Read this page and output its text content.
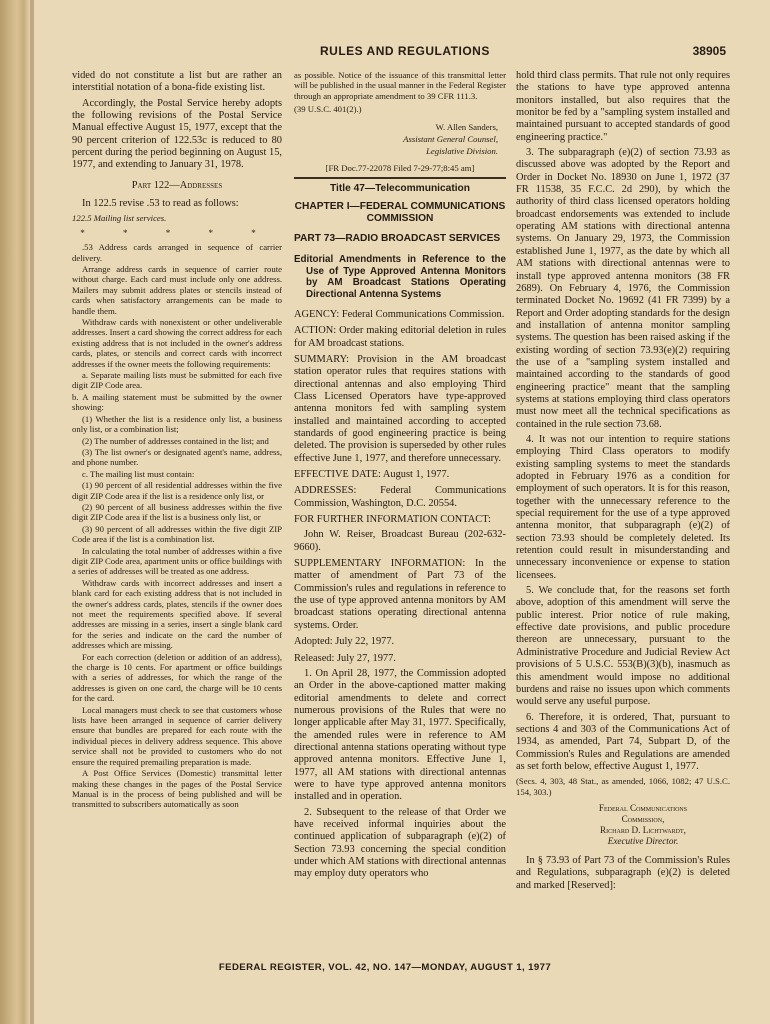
RULES AND REGULATIONS	38905

vided do not constitute a list but are rather an interstitial notation of a bona-fide existing list.

Accordingly, the Postal Service hereby adopts the following revisions of the Postal Service Manual effective August 15, 1977, except that the 90 percent criterion of 122.53c is reduced to 80 percent during the period beginning on August 15, 1977, and extending to January 31, 1978.

Part 122—Addresses

In 122.5 revise .53 to read as follows:

122.5 Mailing list services.

* * * * *

.53 Address cards arranged in sequence of carrier delivery.

Arrange address cards in sequence of carrier route without charge. Each card must include only one address. Mailers may submit address plates or stencils instead of cards when satisfactory arrangements can be made to handle them.

Withdraw cards with nonexistent or other undeliverable addresses. Insert a card showing the correct address for each existing address that is not included in the owner's address cards, plates, or stencils and correct cards with incorrect addresses if the owner meets the following requirements:

a. Separate mailing lists must be submitted for each five digit ZIP Code area.

b. A mailing statement must be submitted by the owner showing:

(1) Whether the list is a residence only list, a business only list, or a combination list;

(2) The number of addresses contained in the list; and

(3) The list owner's or designated agent's name, address, and phone number.

c. The mailing list must contain:

(1) 90 percent of all residential addresses within the five digit ZIP Code area if the list is a residence only list, or

(2) 90 percent of all business addresses within the five digit ZIP Code area if the list is a business only list, or

(3) 90 percent of all addresses within the five digit ZIP Code area if the list is a combination list.

In calculating the total number of addresses within a five digit ZIP Code area, apartment units or office buildings with a series of addresses will be treated as one address.

Withdraw cards with incorrect addresses and insert a blank card for each existing address that is not included in the owner's address cards, plates, stencils if the owner does not meet the requirements specified above. If several addresses are missing in a series, insert a single blank card for the series and indicate on the card the number of addresses which are missing.

For each correction (deletion or addition of an address), the charge is 10 cents. For apartment or office buildings with a series of addresses, for which the range of the addresses is given on one card, the charge will be 10 cents for the card.

Local managers must check to see that customers whose lists have been arranged in sequence of carrier delivery ensure that bundles are prepared for each route with the individual pieces in delivery address sequence. This above service shall not be provided to customers who do not ensure the required premailing preparation is made.

A Post Office Services (Domestic) transmittal letter making these changes in the pages of the Postal Service Manual is in the process of being published and will be transmitted to subscribers automatically as soon

as possible. Notice of the issuance of this transmittal letter will be published in the usual manner in the Federal Register through an appropriate amendment to 39 CFR 111.3.

(39 U.S.C. 401(2).)

W. Allen Sanders,
Assistant General Counsel,
Legislative Division.

[FR Doc.77-22078 Filed 7-29-77;8:45 am]

Title 47—Telecommunication
CHAPTER I—FEDERAL COMMUNICATIONS COMMISSION
PART 73—RADIO BROADCAST SERVICES
Editorial Amendments in Reference to the Use of Type Approved Antenna Monitors by AM Broadcast Stations Operating Directional Antenna Systems

AGENCY: Federal Communications Commission.

ACTION: Order making editorial deletion in rules for AM broadcast stations.

SUMMARY: Provision in the AM broadcast station operator rules that requires stations with directional antennas and also employing Third Class Licensed Operators have type-approved antenna monitors fed with sampling system installed and maintained according to accepted standards of good engineering practice is being deleted. The provision is superseded by other rules effective June 1, 1977, and therefore unnecessary.

EFFECTIVE DATE: August 1, 1977.

ADDRESSES: Federal Communications Commission, Washington, D.C. 20554.

FOR FURTHER INFORMATION CONTACT:

John W. Reiser, Broadcast Bureau (202-632-9660).

SUPPLEMENTARY INFORMATION: In the matter of amendment of Part 73 of the Commission's rules and regulations in reference to the use of type approved antenna monitors by AM broadcast stations operating directional antenna systems. Order.

Adopted: July 22, 1977.

Released: July 27, 1977.

1. On April 28, 1977, the Commission adopted an Order in the above-captioned matter making editorial amendments to delete and correct numerous provisions of the Rules that were no longer applicable after May 31, 1977. Specifically, the amended rules were in reference to AM directional antenna stations operating without type approved antenna monitors. Effective June 1, 1977, all AM stations with directional antennas were to have type approved antenna monitors installed and in operation.

2. Subsequent to the release of that Order we have received informal inquiries about the continued application of subparagraph (e)(2) of Section 73.93 concerning the special condition under which AM stations with directional antennas may employ duty operators who

hold third class permits. That rule not only requires the stations to have type approved antenna monitors installed, but also requires that the monitor be fed by a "sampling system installed and maintained pursuant to accepted standards of good engineering practice."

3. The subparagraph (e)(2) of section 73.93 as discussed above was adopted by the Report and Order in Docket No. 18930 on June 1, 1972 (37 FR 11538, 35 F.C.C. 2d 290), by which the authority of third class licensed operators holding broadcast endorsements was extended to include operating AM stations with directional antenna systems. On January 29, 1973, the Commission established June 1, 1977, as the date by which all AM stations with directional antennas were to install type approved antenna monitors (38 FR 2689). On February 4, 1976, the Commission terminated Docket No. 19692 (41 FR 7399) by a Report and Order adopting standards for the design and installation of antenna monitor sampling systems. The question has been raised asking if the existing wording of section 73.93(e)(2) requiring the use of a "sampling system installed and maintained according to the standards of good engineering practice" meant that the sampling systems at stations employing third class operators must now meet all the technical specifications as contained in the rule section 73.68.

4. It was not our intention to require stations employing Third Class operators to modify existing sampling systems to meet the standards adopted in February 1976 as a condition for employment of such operators. It is for this reason, together with the unnecessary reference to the special requirement for the use of a type approved antenna monitor, that subparagraph (e)(2) of section 73.93 should be completely deleted. Its retention could result in misunderstanding and unnecessary inconvenience or expense to station licensees.

5. We conclude that, for the reasons set forth above, adoption of this amendment will serve the public interest. Prior notice of rule making, effective date provisions, and public procedure thereon are unnecessary, pursuant to the Administrative Procedure and Judicial Review Act provisions of 5 U.S.C. 553(B)(3)(b), inasmuch as this amendment would impose no additional burdens and raise no issues upon which comments would serve any useful purpose.

6. Therefore, it is ordered, That, pursuant to sections 4 and 303 of the Communications Act of 1934, as amended, Part 74, Subpart D, of the Commission's Rules and Regulations are amended as set forth below, effective August 1, 1977.

(Secs. 4, 303, 48 Stat., as amended, 1066, 1082; 47 U.S.C. 154, 303.)

Federal Communications
Commission,
Richard D. Lichtwardt,
Executive Director.

In § 73.93 of Part 73 of the Commission's Rules and Regulations, subparagraph (e)(2) is deleted and marked [Reserved]:

FEDERAL REGISTER, VOL. 42, NO. 147—MONDAY, AUGUST 1, 1977
